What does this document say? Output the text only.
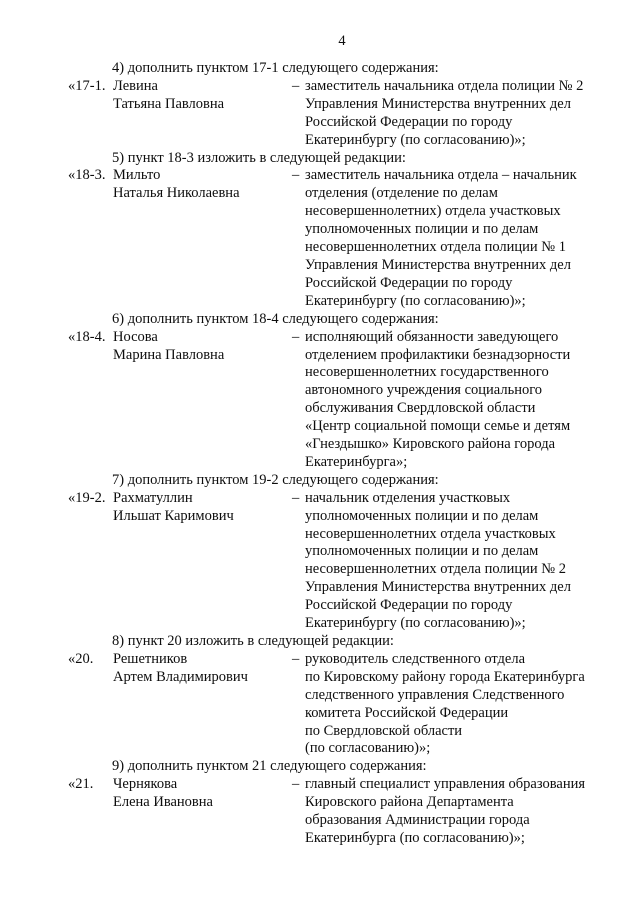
4
4) дополнить пунктом 17-1 следующего содержания:
«17-1. Левина
Татьяна Павловна
– заместитель начальника отдела полиции № 2
Управления Министерства внутренних дел
Российской Федерации по городу
Екатеринбургу (по согласованию)»;
5) пункт 18-3 изложить в следующей редакции:
«18-3. Мильто
Наталья Николаевна
– заместитель начальника отдела – начальник
отделения (отделение по делам
несовершеннолетних) отдела участковых
уполномоченных полиции и по делам
несовершеннолетних отдела полиции № 1
Управления Министерства внутренних дел
Российской Федерации по городу
Екатеринбургу (по согласованию)»;
6) дополнить пунктом 18-4 следующего содержания:
«18-4. Носова
Марина Павловна
– исполняющий обязанности заведующего
отделением профилактики безнадзорности
несовершеннолетних государственного
автономного учреждения социального
обслуживания Свердловской области
«Центр социальной помощи семье и детям
«Гнездышко» Кировского района города
Екатеринбурга»;
7) дополнить пунктом 19-2 следующего содержания:
«19-2. Рахматуллин
Ильшат Каримович
– начальник отделения участковых
уполномоченных полиции и по делам
несовершеннолетних отдела участковых
уполномоченных полиции и по делам
несовершеннолетних отдела полиции № 2
Управления Министерства внутренних дел
Российской Федерации по городу
Екатеринбургу (по согласованию)»;
8) пункт 20 изложить в следующей редакции:
«20.	Решетников
Артем Владимирович
– руководитель следственного отдела
по Кировскому району города Екатеринбурга
следственного управления Следственного
комитета Российской Федерации
по Свердловской области
(по согласованию)»;
9) дополнить пунктом 21 следующего содержания:
«21.	Чернякова
Елена Ивановна
– главный специалист управления образования
Кировского района Департамента
образования Администрации города
Екатеринбурга (по согласованию)»;
